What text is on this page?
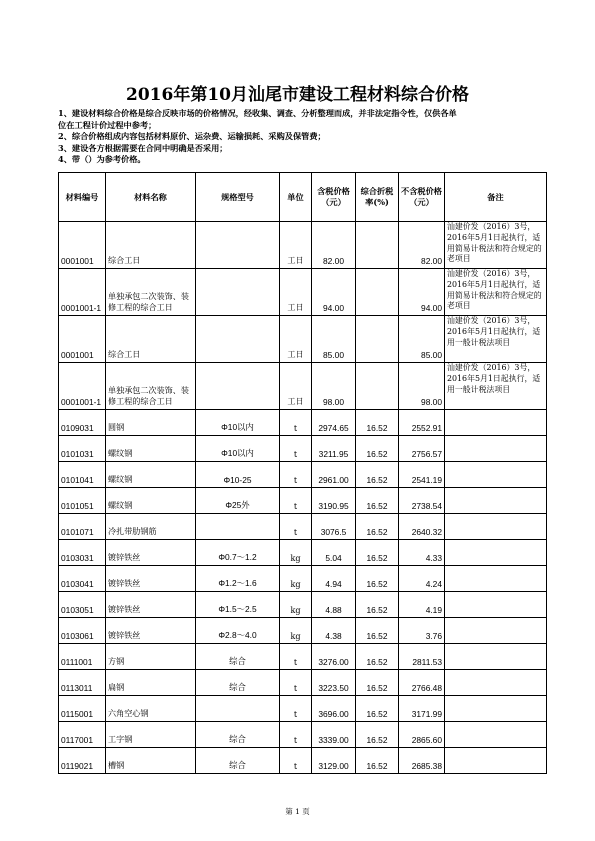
2016年第10月汕尾市建设工程材料综合价格
1、建设材料综合价格是综合反映市场的价格情况，经收集、调查、分析整理而成，并非法定指令性，仅供各单
位在工程计价过程中参考；
2、综合价格组成内容包括材料原价、运杂费、运输损耗、采购及保管费；
3、建设各方根据需要在合同中明确是否采用；
4、带（）为参考价格。
材料编号	材料名称	规格型号	单位	含税价格（元）	综合折税率(%)	不含税价格（元）	备注
0001001	综合工日		工日	82.00		82.00	汕建价发（2016）3号，2016年5月1日起执行，适用简易计税法和符合规定的老项目
0001001-1	单独承包二次装饰、装修工程的综合工日		工日	94.00		94.00	汕建价发（2016）3号，2016年5月1日起执行，适用简易计税法和符合规定的老项目
0001001	综合工日		工日	85.00		85.00	汕建价发（2016）3号，2016年5月1日起执行，适用一般计税法项目
0001001-1	单独承包二次装饰、装修工程的综合工日		工日	98.00		98.00	汕建价发（2016）3号，2016年5月1日起执行，适用一般计税法项目
0109031	圆钢	Φ10以内	t	2974.65	16.52	2552.91	
0101031	螺纹钢	Φ10以内	t	3211.95	16.52	2756.57	
0101041	螺纹钢	Φ10-25	t	2961.00	16.52	2541.19	
0101051	螺纹钢	Φ25外	t	3190.95	16.52	2738.54	
0101071	冷扎带肋钢筋		t	3076.5	16.52	2640.32	
0103031	镀锌铁丝	Φ0.7～1.2	kg	5.04	16.52	4.33	
0103041	镀锌铁丝	Φ1.2～1.6	kg	4.94	16.52	4.24	
0103051	镀锌铁丝	Φ1.5～2.5	kg	4.88	16.52	4.19	
0103061	镀锌铁丝	Φ2.8～4.0	kg	4.38	16.52	3.76	
0111001	方钢	综合	t	3276.00	16.52	2811.53	
0113011	扁钢	综合	t	3223.50	16.52	2766.48	
0115001	六角空心钢		t	3696.00	16.52	3171.99	
0117001	工字钢	综合	t	3339.00	16.52	2865.60	
0119021	槽钢	综合	t	3129.00	16.52	2685.38	
第 1 页
